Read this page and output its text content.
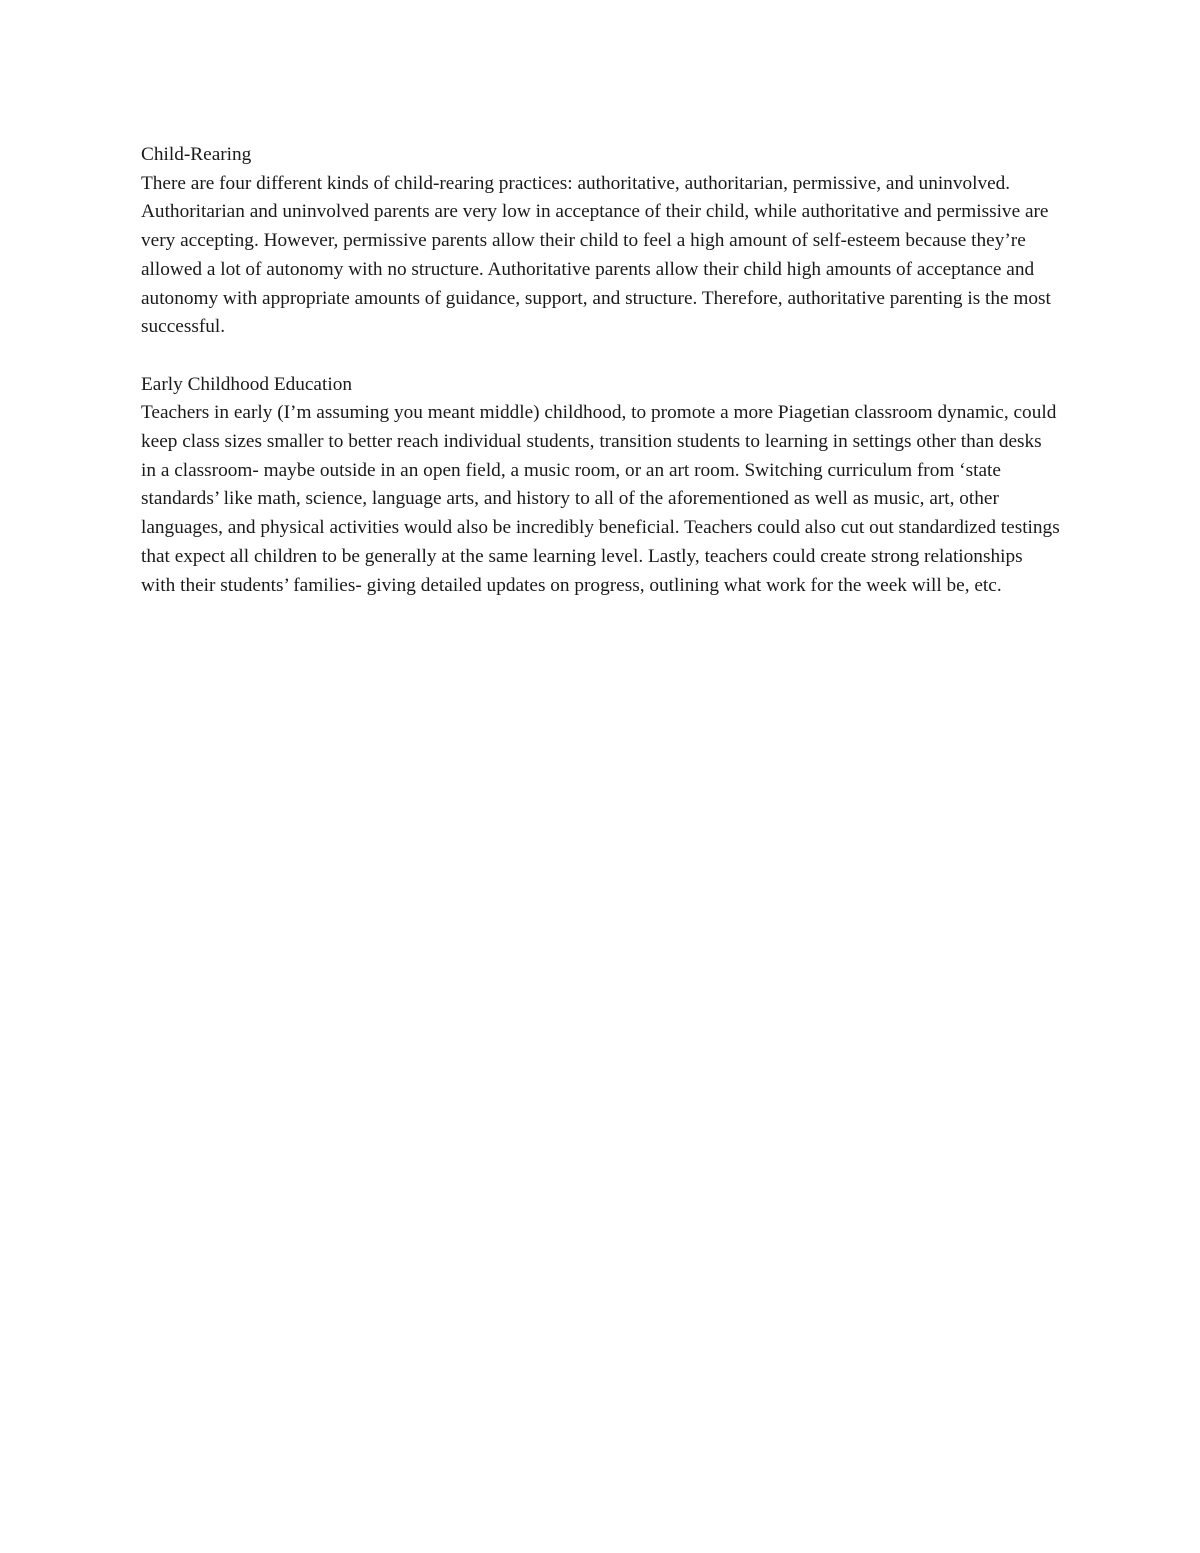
Child-Rearing
There are four different kinds of child-rearing practices: authoritative, authoritarian, permissive, and uninvolved. Authoritarian and uninvolved parents are very low in acceptance of their child, while authoritative and permissive are very accepting. However, permissive parents allow their child to feel a high amount of self-esteem because they’re allowed a lot of autonomy with no structure. Authoritative parents allow their child high amounts of acceptance and autonomy with appropriate amounts of guidance, support, and structure. Therefore, authoritative parenting is the most successful.
Early Childhood Education
Teachers in early (I’m assuming you meant middle) childhood, to promote a more Piagetian classroom dynamic, could keep class sizes smaller to better reach individual students, transition students to learning in settings other than desks in a classroom- maybe outside in an open field, a music room, or an art room. Switching curriculum from ‘state standards’ like math, science, language arts, and history to all of the aforementioned as well as music, art, other languages, and physical activities would also be incredibly beneficial. Teachers could also cut out standardized testings that expect all children to be generally at the same learning level. Lastly, teachers could create strong relationships with their students’ families- giving detailed updates on progress, outlining what work for the week will be, etc.
